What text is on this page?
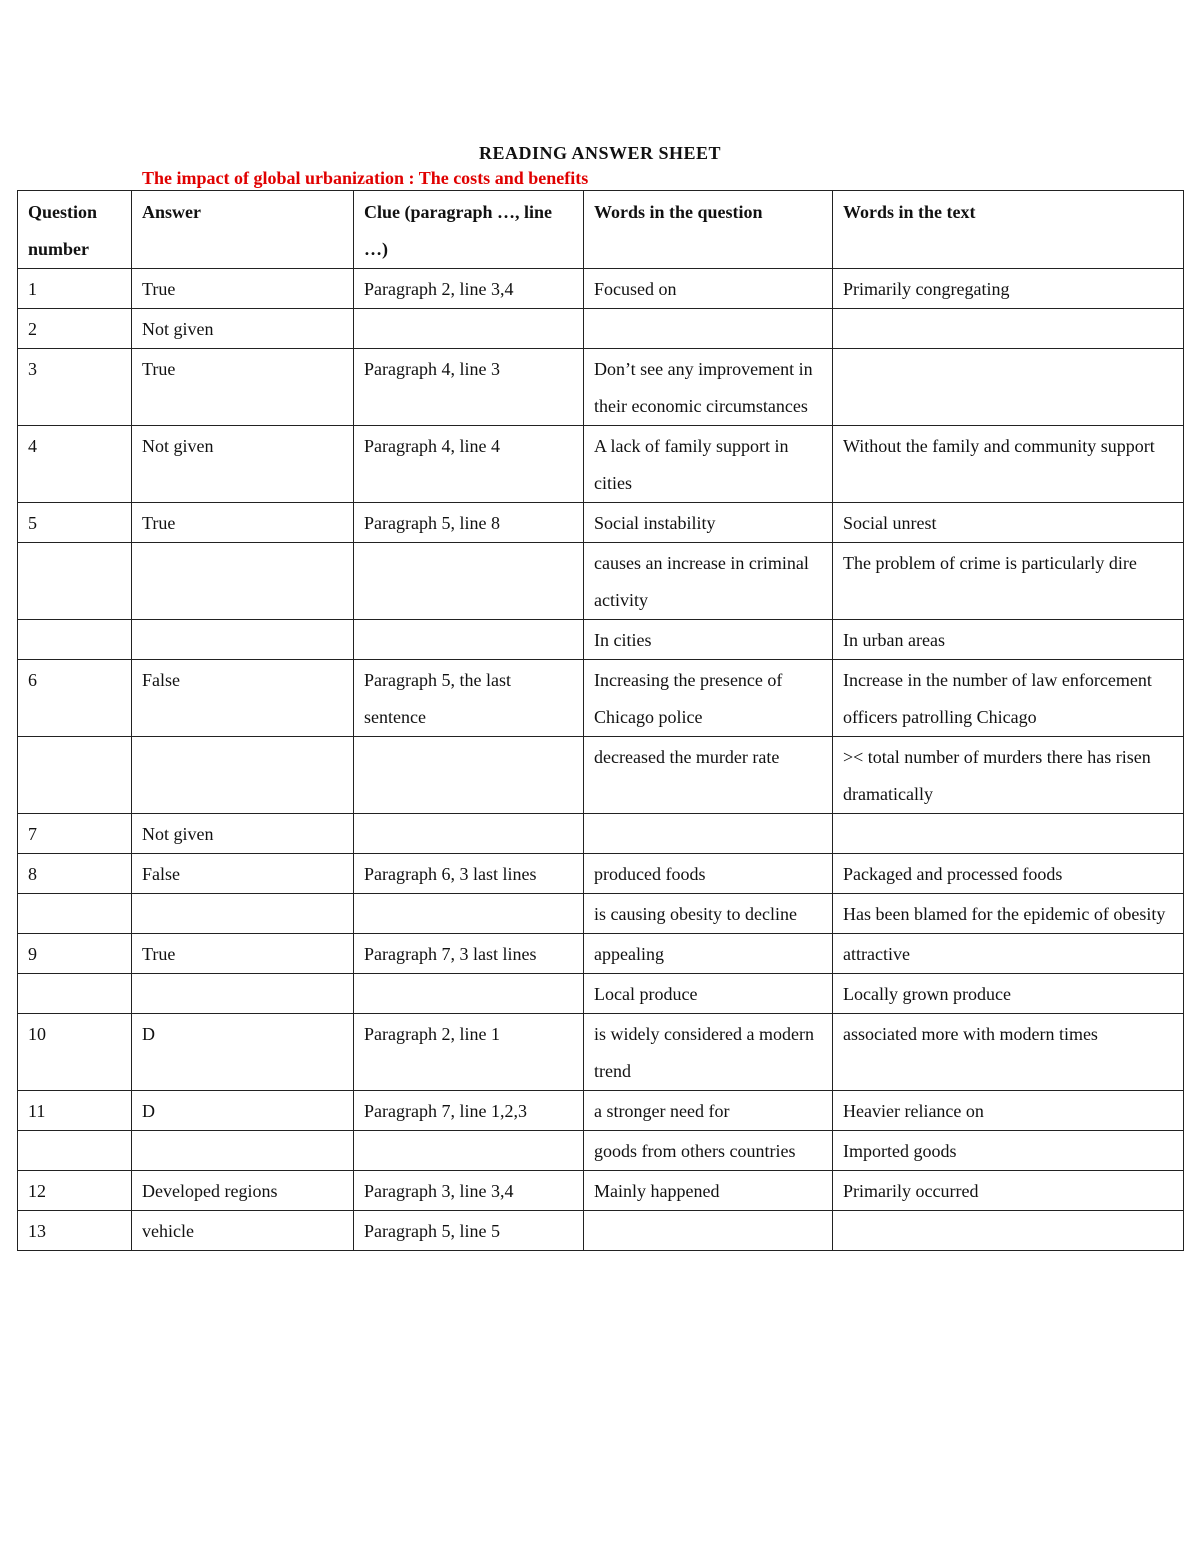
READING ANSWER SHEET
The impact of global urbanization : The costs and benefits
Question number	Answer	Clue (paragraph …, line …)	Words in the question	Words in the text
1	True	Paragraph 2, line 3,4	Focused on	Primarily congregating
2	Not given			
3	True	Paragraph 4, line 3	Don’t see any improvement in their economic circumstances	
4	Not given	Paragraph 4, line 4	A lack of family support in cities	Without the family and community support
5	True	Paragraph 5, line 8	Social instability	Social unrest
			causes an increase in criminal activity	The problem of crime is particularly dire
			In cities	In urban areas
6	False	Paragraph 5, the last sentence	Increasing the presence of Chicago police	Increase in the number of law enforcement officers patrolling Chicago
			decreased the murder rate	>< total number of murders there has risen dramatically
7	Not given			
8	False	Paragraph 6, 3 last lines	produced foods	Packaged and processed foods
			is causing obesity to decline	Has been blamed for the epidemic of obesity
9	True	Paragraph 7, 3 last lines	appealing	attractive
			Local produce	Locally grown produce
10	D	Paragraph 2, line 1	is widely considered a modern trend	associated more with modern times
11	D	Paragraph 7, line 1,2,3	a stronger need for	Heavier reliance on
			goods from others countries	Imported goods
12	Developed regions	Paragraph 3, line 3,4	Mainly happened	Primarily occurred
13	vehicle	Paragraph 5, line 5		
